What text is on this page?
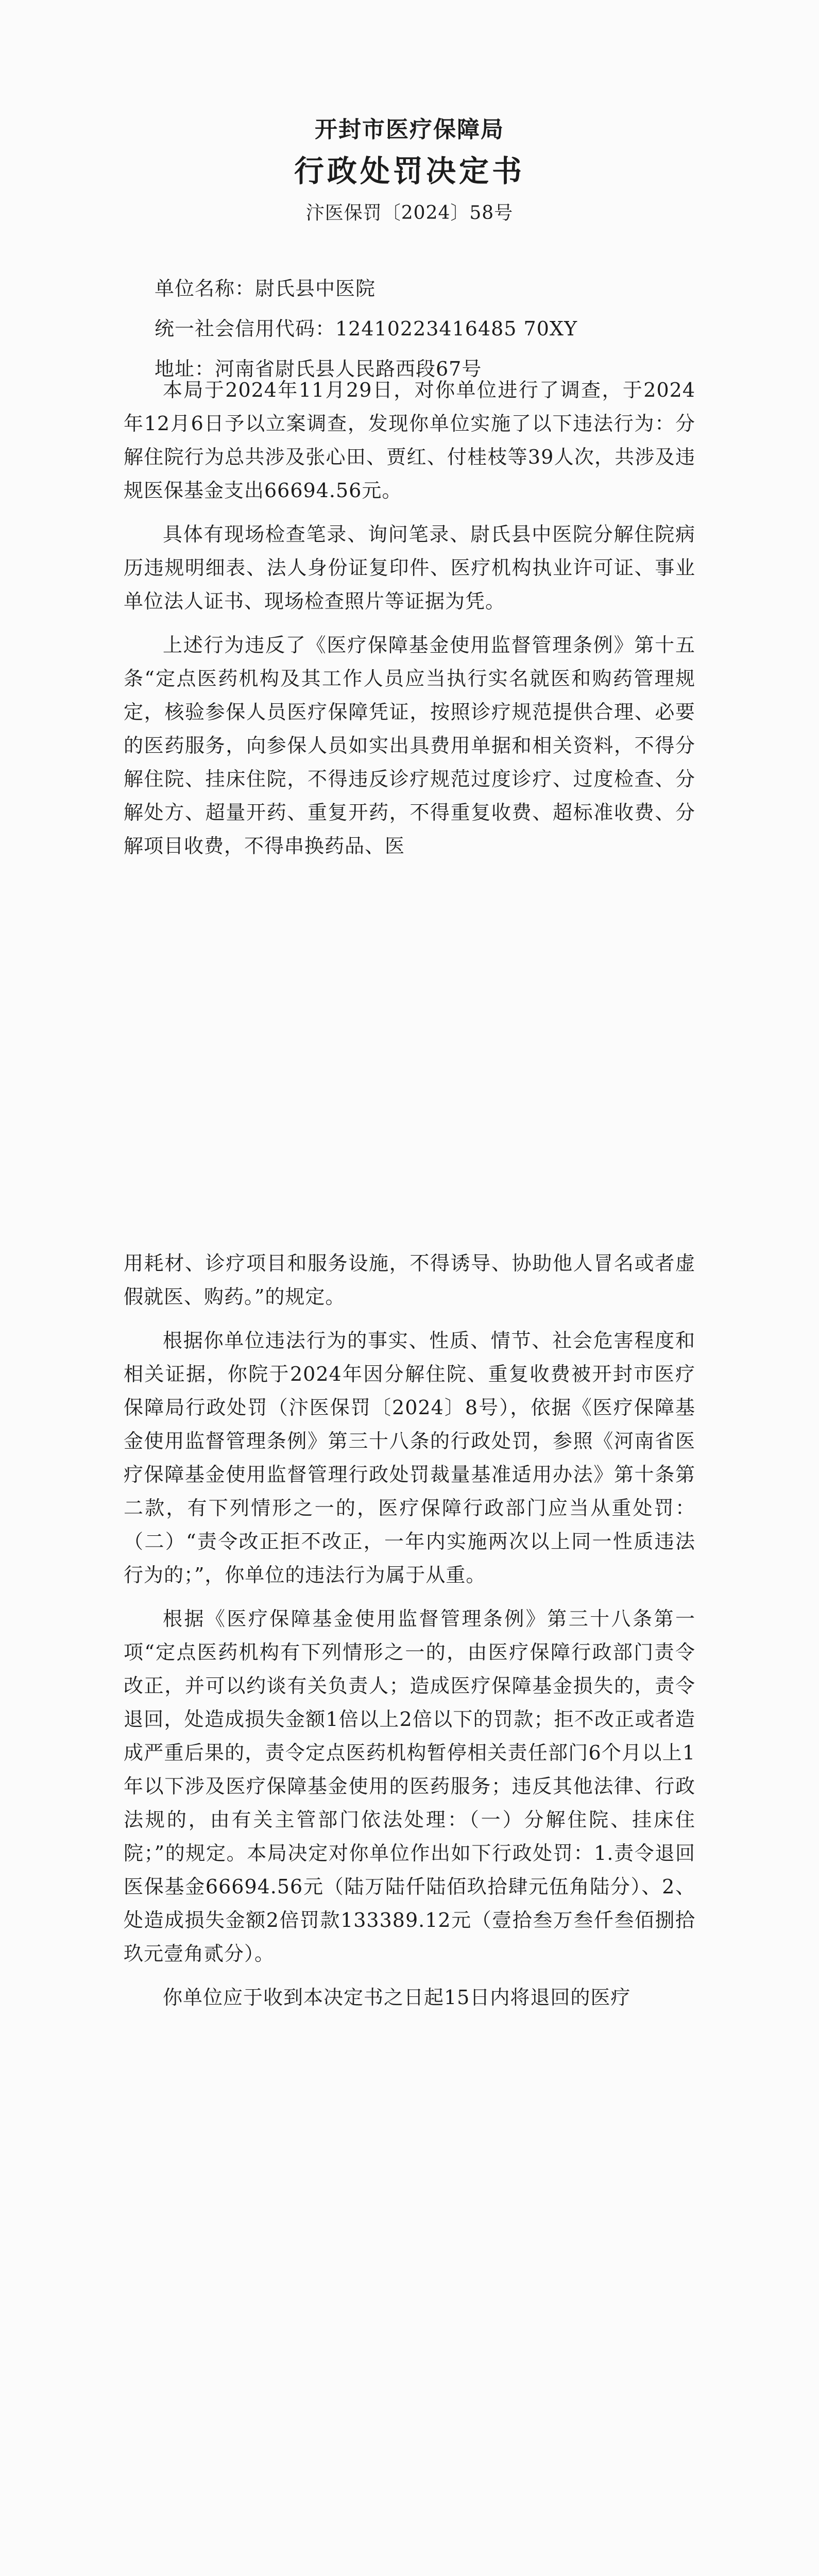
开封市医疗保障局
行政处罚决定书
汴医保罚〔2024〕58号
单位名称：尉氏县中医院
统一社会信用代码：12410223416485 70XY
地址：河南省尉氏县人民路西段67号

本局于2024年11月29日，对你单位进行了调查，于2024年12月6日予以立案调查，发现你单位实施了以下违法行为：分解住院行为总共涉及张心田、贾红、付桂枝等39人次，共涉及违规医保基金支出66694.56元。

具体有现场检查笔录、询问笔录、尉氏县中医院分解住院病历违规明细表、法人身份证复印件、医疗机构执业许可证、事业单位法人证书、现场检查照片等证据为凭。

上述行为违反了《医疗保障基金使用监督管理条例》第十五条“定点医药机构及其工作人员应当执行实名就医和购药管理规定，核验参保人员医疗保障凭证，按照诊疗规范提供合理、必要的医药服务，向参保人员如实出具费用单据和相关资料，不得分解住院、挂床住院，不得违反诊疗规范过度诊疗、过度检查、分解处方、超量开药、重复开药，不得重复收费、超标准收费、分解项目收费，不得串换药品、医

用耗材、诊疗项目和服务设施，不得诱导、协助他人冒名或者虚假就医、购药。”的规定。

根据你单位违法行为的事实、性质、情节、社会危害程度和相关证据，你院于2024年因分解住院、重复收费被开封市医疗保障局行政处罚（汴医保罚〔2024〕8号），依据《医疗保障基金使用监督管理条例》第三十八条的行政处罚，参照《河南省医疗保障基金使用监督管理行政处罚裁量基准适用办法》第十条第二款，有下列情形之一的，医疗保障行政部门应当从重处罚：（二）“责令改正拒不改正，一年内实施两次以上同一性质违法行为的；”，你单位的违法行为属于从重。

根据《医疗保障基金使用监督管理条例》第三十八条第一项“定点医药机构有下列情形之一的，由医疗保障行政部门责令改正，并可以约谈有关负责人；造成医疗保障基金损失的，责令退回，处造成损失金额1倍以上2倍以下的罚款；拒不改正或者造成严重后果的，责令定点医药机构暂停相关责任部门6个月以上1年以下涉及医疗保障基金使用的医药服务；违反其他法律、行政法规的，由有关主管部门依法处理：（一）分解住院、挂床住院；”的规定。本局决定对你单位作出如下行政处罚：1.责令退回医保基金66694.56元（陆万陆仟陆佰玖拾肆元伍角陆分）、2、处造成损失金额2倍罚款133389.12元（壹拾叁万叁仟叁佰捌拾玖元壹角贰分）。

你单位应于收到本决定书之日起15日内将退回的医疗
